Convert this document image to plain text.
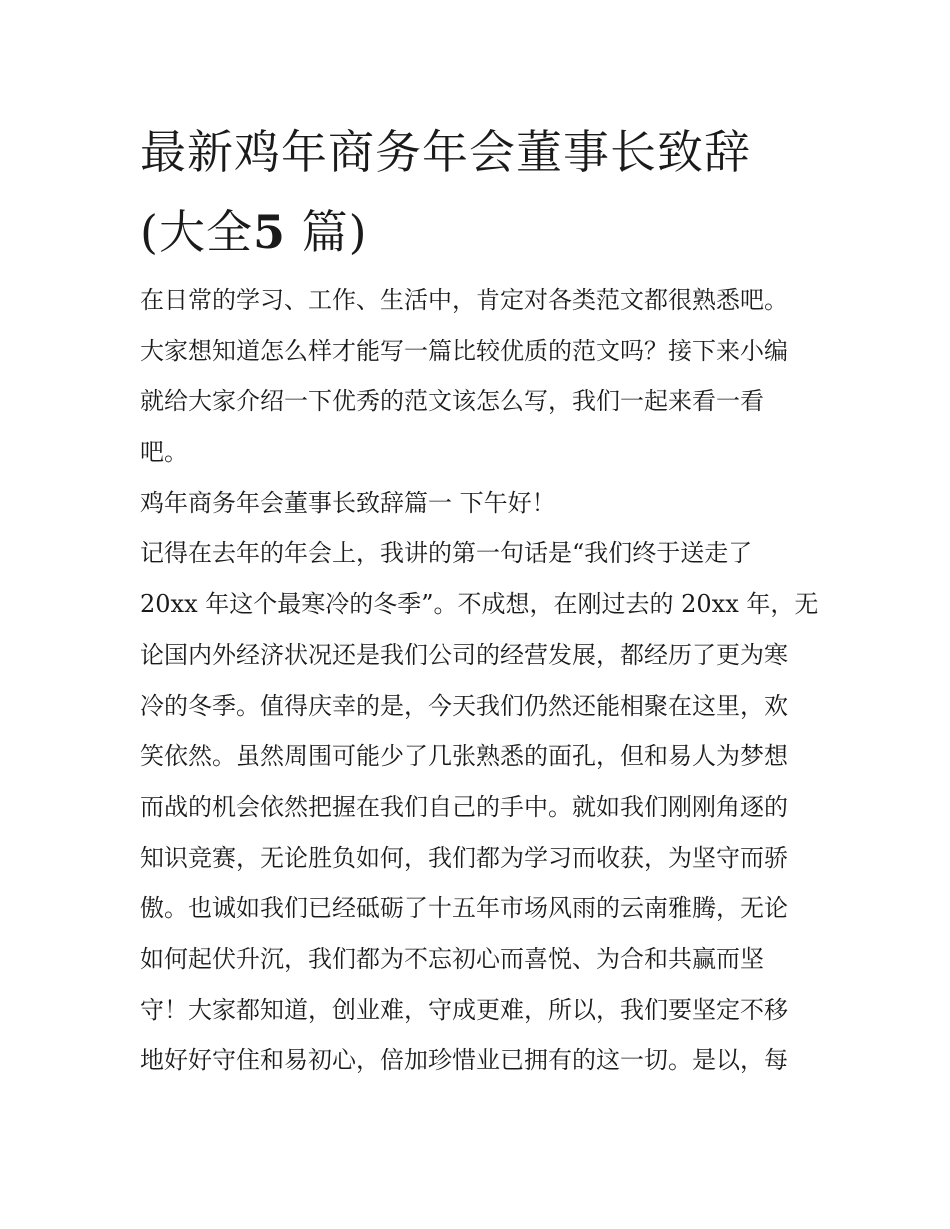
最新鸡年商务年会董事长致辞
(大全5 篇)
在日常的学习、工作、生活中，肯定对各类范文都很熟悉吧。
大家想知道怎么样才能写一篇比较优质的范文吗？接下来小编
就给大家介绍一下优秀的范文该怎么写，我们一起来看一看
吧。
鸡年商务年会董事长致辞篇一 下午好！
记得在去年的年会上，我讲的第一句话是“我们终于送走了
20xx 年这个最寒冷的冬季”。不成想，在刚过去的 20xx 年，无
论国内外经济状况还是我们公司的经营发展，都经历了更为寒
冷的冬季。值得庆幸的是，今天我们仍然还能相聚在这里，欢
笑依然。虽然周围可能少了几张熟悉的面孔，但和易人为梦想
而战的机会依然把握在我们自己的手中。就如我们刚刚角逐的
知识竞赛，无论胜负如何，我们都为学习而收获，为坚守而骄
傲。也诚如我们已经砥砺了十五年市场风雨的云南雅腾，无论
如何起伏升沉，我们都为不忘初心而喜悦、为合和共赢而坚
守！大家都知道，创业难，守成更难，所以，我们要坚定不移
地好好守住和易初心，倍加珍惜业已拥有的这一切。是以，每
